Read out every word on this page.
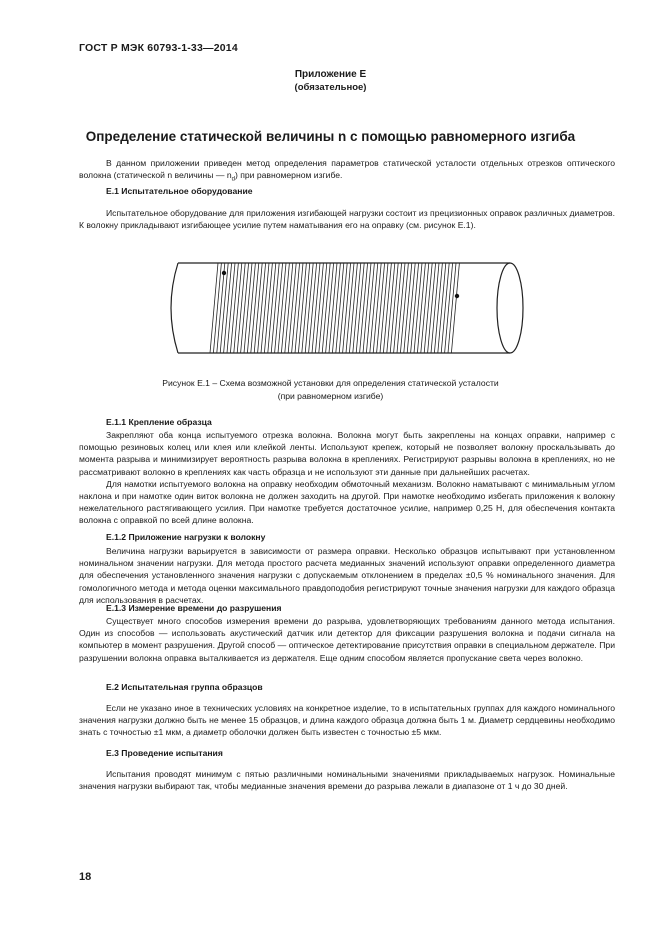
ГОСТ Р МЭК 60793-1-33—2014
Приложение Е
(обязательное)
Определение статической величины n с помощью равномерного изгиба

В данном приложении приведен метод определения параметров статической усталости отдельных отрезков оптического волокна (статической n величины — $n_d$) при равномерном изгибе.

Е.1 Испытательное оборудование

Испытательное оборудование для приложения изгибающей нагрузки состоит из прецизионных оправок различных диаметров. К волокну прикладывают изгибающее усилие путем наматывания его на оправку (см. рисунок Е.1).

Рисунок Е.1 – Схема возможной установки для определения статической усталости
(при равномерном изгибе)
Е.1.1 Крепление образца

Закрепляют оба конца испытуемого отрезка волокна. Волокна могут быть закреплены на концах оправки, например с помощью резиновых колец или клея или клейкой ленты. Используют крепеж, который не позволяет волокну проскальзывать до момента разрыва и минимизирует вероятность разрыва волокна в креплениях. Регистрируют разрывы волокна в креплениях, но не рассматривают волокно в креплениях как часть образца и не используют эти данные при дальнейших расчетах.

Для намотки испытуемого волокна на оправку необходим обмоточный механизм. Волокно наматывают с минимальным углом наклона и при намотке один виток волокна не должен заходить на другой. При намотке необходимо избегать приложения к волокну нежелательного растягивающего усилия. При намотке требуется достаточное усилие, например 0,25 Н, для обеспечения контакта волокна с оправкой по всей длине волокна.

Е.1.2 Приложение нагрузки к волокну

Величина нагрузки варьируется в зависимости от размера оправки. Несколько образцов испытывают при установленном номинальном значении нагрузки. Для метода простого расчета медианных значений используют оправки определенного диаметра для обеспечения установленного значения нагрузки с допускаемым отклонением в пределах ±0,5 % номинального значения. Для гомологичного метода и метода оценки максимального правдоподобия регистрируют точные значения нагрузки для каждого образца для использования в расчетах.

Е.1.3 Измерение времени до разрушения

Существует много способов измерения времени до разрыва, удовлетворяющих требованиям данного метода испытания. Один из способов — использовать акустический датчик или детектор для фиксации разрушения волокна и подачи сигнала на компьютер в момент разрушения. Другой способ — оптическое детектирование присутствия оправки в специальном держателе. При разрушении волокна оправка выталкивается из держателя. Еще одним способом является пропускание света через волокно.

Е.2 Испытательная группа образцов

Если не указано иное в технических условиях на конкретное изделие, то в испытательных группах для каждого номинального значения нагрузки должно быть не менее 15 образцов, и длина каждого образца должна быть 1 м. Диаметр сердцевины необходимо знать с точностью ±1 мкм, а диаметр оболочки должен быть известен с точностью ±5 мкм.

Е.3 Проведение испытания

Испытания проводят минимум с пятью различными номинальными значениями прикладываемых нагрузок. Номинальные значения нагрузки выбирают так, чтобы медианные значения времени до разрыва лежали в диапазоне от 1 ч до 30 дней.

18
